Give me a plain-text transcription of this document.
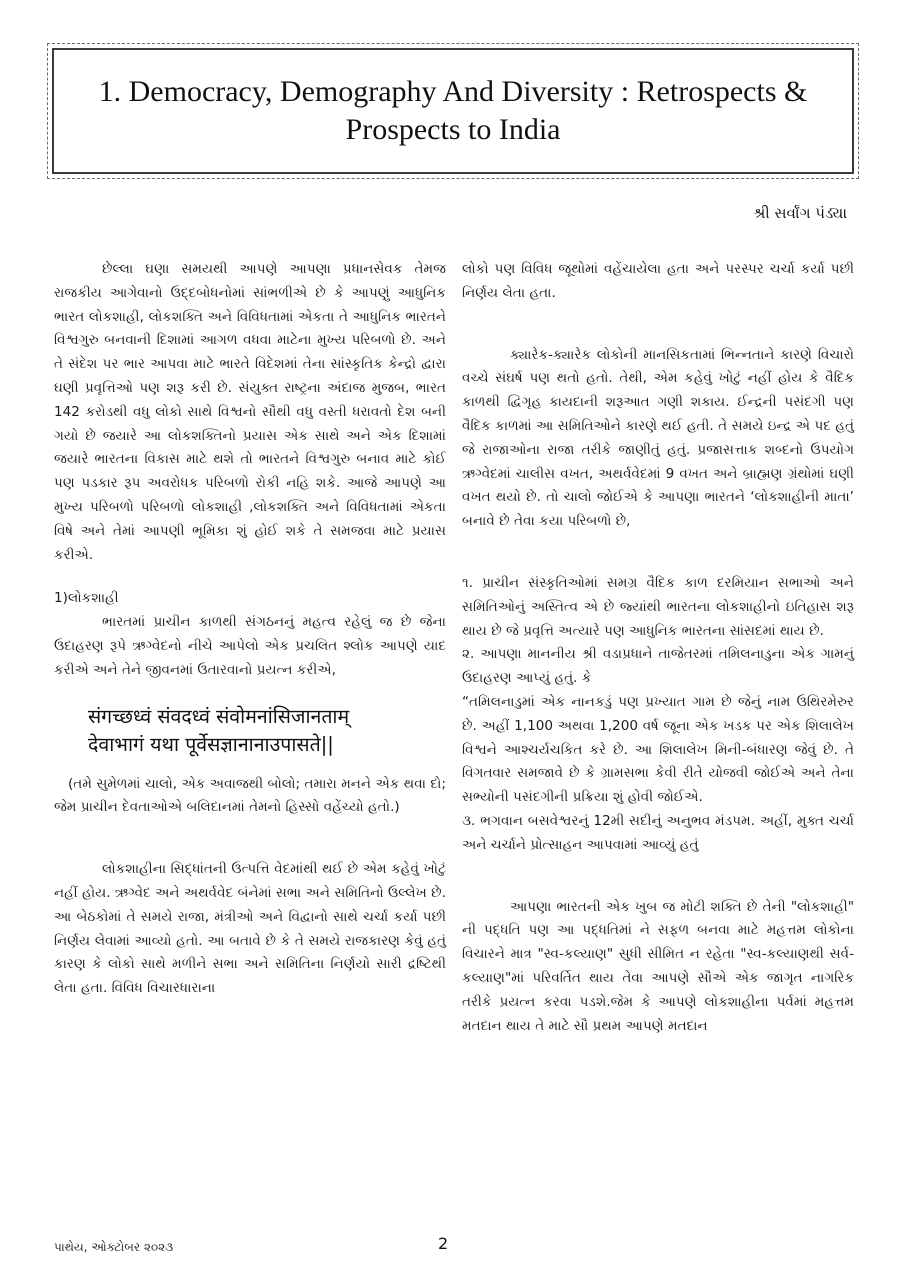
1. Democracy, Demography And Diversity : Retrospects & Prospects to India
શ્રી સર્વાંગ પંડ્યા

છેલ્લા ઘણા સમયથી આપણે આપણા પ્રધાનસેવક તેમજ રાજકીય આગેવાનો ઉદ્દબોધનોમાં સાંભળીએ છે કે આપણું આધુનિક ભારત લોકશાહી, લોકશક્તિ અને વિવિધતામાં એકતા તે આધુનિક ભારતને વિશ્વગુરુ બનવાની દિશામાં આગળ વધવા માટેના મુખ્ય પરિબળો છે. અને તે સંદેશ પર ભાર આપવા માટે ભારતે વિદેશમાં તેના સાંસ્કૃતિક કેન્દ્રો દ્વારા ઘણી પ્રવૃત્તિઓ પણ શરૂ કરી છે. સંયુક્ત રાષ્ટ્રના અંદાજ મુજબ, ભારત 142 કરોડથી વધુ લોકો સાથે વિશ્વનો સૌથી વધુ વસ્તી ધરાવતો દેશ બની ગયો છે જયારે આ લોકશક્તિનો પ્રયાસ એક સાથે અને એક દિશામાં જયારે ભારતના વિકાસ માટે થશે તો ભારતને વિશ્વગુરુ બનાવ માટે કોઈ પણ પડકાર રૂપ અવરોધક પરિબળો રોકી નહિ શકે. આજે આપણે આ મુખ્ય પરિબળો પરિબળો લોકશાહી ,લોકશક્તિ અને વિવિધતામાં એકતા વિષે અને તેમાં આપણી ભૂમિકા શું હોઈ શકે તે સમજવા માટે પ્રયાસ કરીએ.

1)લોકશાહી

ભારતમાં પ્રાચીન કાળથી સંગઠનનું મહત્વ રહેલું જ છે જેના ઉદાહરણ રૂપે ઋગ્વેદનો નીચે આપેલો એક પ્રચલિત શ્લોક આપણે યાદ કરીએ અને તેને જીવનમાં ઉતારવાનો પ્રયત્ન કરીએ,

संगच्छध्वं संवदध्वं संवोमनांसिजानताम्
देवाभागं यथा पूर्वेसज्ञानानाउपासते||

(તમે સુમેળમાં ચાલો, એક અવાજથી બોલો; તમારા મનને એક થવા દો; જેમ પ્રાચીન દેવતાઓએ બલિદાનમાં તેમનો હિસ્સો વહેંચ્યો હતો.)

લોકશાહીના સિદ્ધાંતની ઉત્પત્તિ વેદમાંથી થઈ છે એમ કહેવું ખોટું નહીં હોય. ઋગ્વેદ અને અથર્વવેદ બંનેમાં સભા અને સમિતિનો ઉલ્લેખ છે. આ બેઠકોમાં તે સમયે રાજા, મંત્રીઓ અને વિદ્વાનો સાથે ચર્ચા કર્યા પછી નિર્ણય લેવામાં આવ્યો હતો. આ બતાવે છે કે તે સમયે રાજકારણ કેવું હતું કારણ કે લોકો સાથે મળીને સભા અને સમિતિના નિર્ણયો સારી દ્રષ્ટિથી લેતા હતા. વિવિધ વિચારધારાના

લોકો પણ વિવિધ જૂથોમાં વહેંચાયેલા હતા અને પરસ્પર ચર્ચા કર્યા પછી નિર્ણય લેતા હતા.

ક્યારેક-ક્યારેક લોકોની માનસિકતામાં ભિન્નતાને કારણે વિચારો વચ્ચે સંઘર્ષ પણ થતો હતો. તેથી, એમ કહેવું ખોટું નહીં હોય કે વૈદિક કાળથી દ્વિગૃહ કાયદાની શરૂઆત ગણી શકાય. ઈન્દ્રની પસંદગી પણ વૈદિક કાળમાં આ સમિતિઓને કારણે થઈ હતી. તે સમયે ઇન્દ્ર એ પદ હતું જે રાજાઓના રાજા તરીકે જાણીતું હતું. પ્રજાસત્તાક શબ્દનો ઉપયોગ ઋગ્વેદમાં ચાલીસ વખત, અથર્વવેદમાં 9 વખત અને બ્રાહ્મણ ગ્રંથોમાં ઘણી વખત થયો છે. તો ચાલો જોઈએ કે આપણા ભારતને ‘લોકશાહીની માતા’ બનાવે છે તેવા કયા પરિબળો છે,

૧. પ્રાચીન સંસ્કૃતિઓમાં સમગ્ર વૈદિક કાળ દરમિયાન સભાઓ અને સમિતિઓનું અસ્તિત્વ એ છે જ્યાંથી ભારતના લોકશાહીનો ઇતિહાસ શરૂ થાય છે જે પ્રવૃત્તિ અત્યારે પણ આધુનિક ભારતના સાંસદમાં થાય છે.

૨. આપણા માનનીય શ્રી વડાપ્રધાને તાજેતરમાં તમિલનાડુના એક ગામનું ઉદાહરણ આપ્યું હતું. કે

“તમિલનાડુમાં એક નાનકડું પણ પ્રખ્યાત ગામ છે જેનું નામ ઉથિરમેરુર છે. અહીં 1,100 અથવા 1,200 વર્ષ જૂના એક ખડક પર એક શિલાલેખ વિશ્વને આશ્ચર્યચકિત કરે છે. આ શિલાલેખ મિની-બંધારણ જેવું છે. તે વિગતવાર સમજાવે છે કે ગ્રામસભા કેવી રીતે યોજવી જોઈએ અને તેના સભ્યોની પસંદગીની પ્રક્રિયા શું હોવી જોઈએ.

૩. ભગવાન બસવેશ્વરનું 12મી સદીનું અનુભવ મંડપમ. અહીં, મુક્ત ચર્ચા અને ચર્ચાને પ્રોત્સાહન આપવામાં આવ્યું હતું

આપણા ભારતની એક ખુબ જ મોટી શક્તિ છે તેની "લોકશાહી" ની પદ્ધતિ પણ આ પદ્ધતિમાં ને સફળ બનવા માટે મહત્તમ લોકોના વિચારને માત્ર "સ્વ-કલ્યાણ" સુધી સીમિત ન રહેતા "સ્વ-કલ્યાણથી સર્વ-કલ્યાણ"માં પરિવર્તિત થાય તેવા આપણે સૌએ એક જાગૃત નાગરિક તરીકે પ્રયત્ન કરવા પડશે.જેમ કે આપણે લોકશાહીના પર્વમાં મહત્તમ મતદાન થાય તે માટે સૌ પ્રથમ આપણે મતદાન

પાથેય, ઓક્ટોબર ૨૦૨૩	2
